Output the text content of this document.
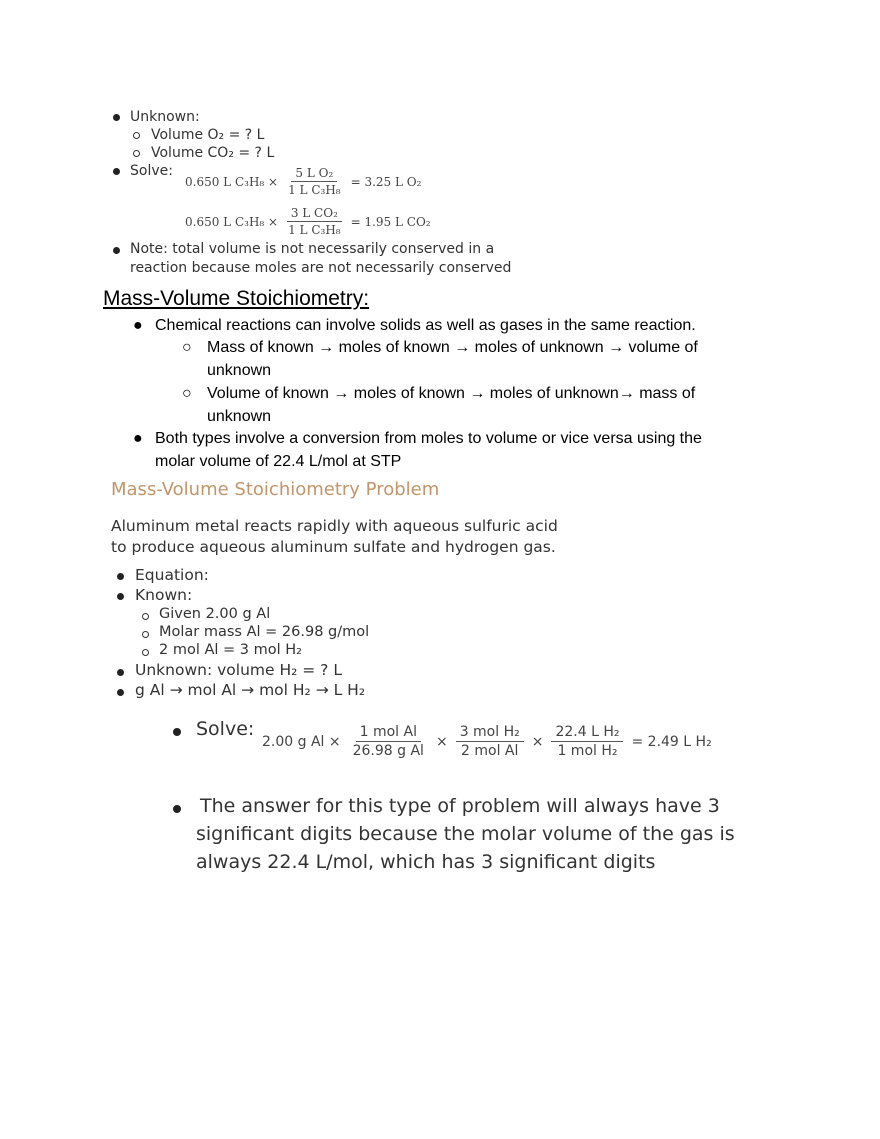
Unknown:
Volume O₂ = ? L
Volume CO₂ = ? L
Solve:
0.650 L $C_3H_8 \times \frac{\text{5 L O₂}}{\text{1 L C₃H₈}} = 3.25$ L O₂
0.650 L $C_3H_8 \times \frac{\text{3 L CO₂}}{\text{1 L C₃H₈}} = 1.95$ L CO₂
Note: total volume is not necessarily conserved in a
reaction because moles are not necessarily conserved
Mass-Volume Stoichiometry:
● Chemical reactions can involve solids as well as gases in the same reaction.
○ Mass of known → moles of known → moles of unknown → volume of
unknown
○ Volume of known → moles of known → moles of unknown→ mass of
unknown
● Both types involve a conversion from moles to volume or vice versa using the
molar volume of 22.4 L/mol at STP
Mass-Volume Stoichiometry Problem
Aluminum metal reacts rapidly with aqueous sulfuric acid
to produce aqueous aluminum sulfate and hydrogen gas.
Equation:
Known:
Given 2.00 g Al
Molar mass Al = 26.98 g/mol
2 mol Al = 3 mol H₂
Unknown: volume H₂ = ? L
g Al → mol Al → mol H₂ → L H₂
Solve:
2.00 g $Al \times \frac{\text{1 mol Al}}{\text{26.98 g Al}} \times \frac{\text{3 mol H₂}}{\text{2 mol Al}} \times \frac{\text{22.4 L H₂}}{\text{1 mol H₂}} = 2.49$ L H₂
The answer for this type of problem will always have 3
significant digits because the molar volume of the gas is
always 22.4 L/mol, which has 3 significant digits
